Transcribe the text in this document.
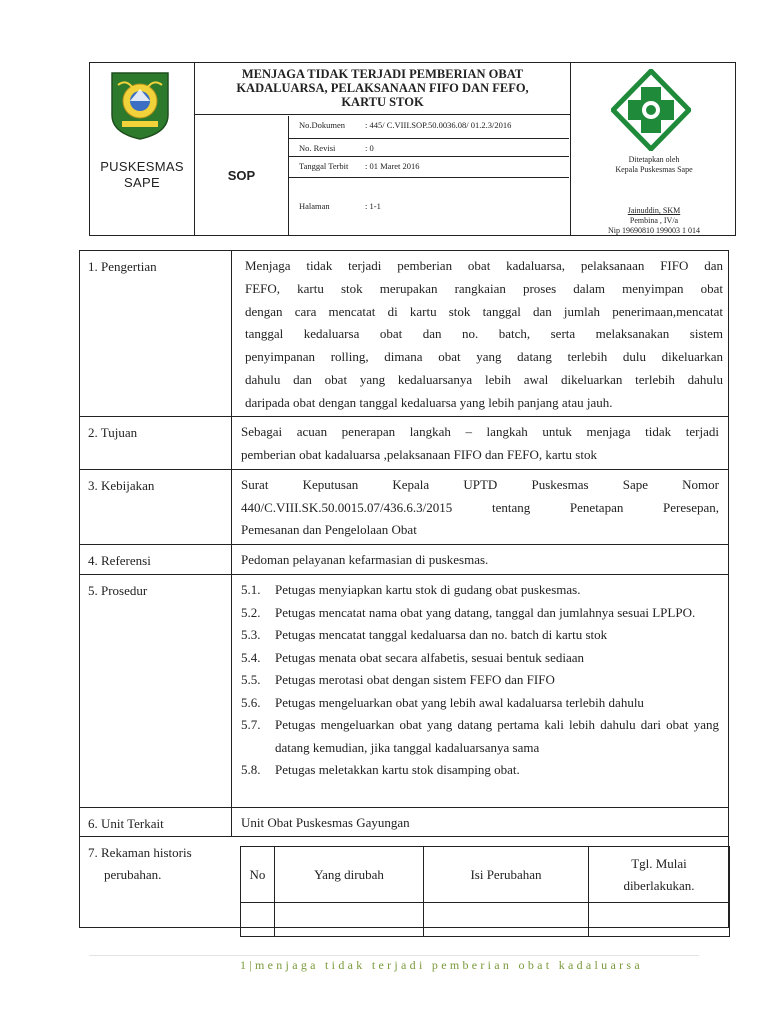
PUSKESMAS
SAPE
MENJAGA TIDAK TERJADI PEMBERIAN OBAT
KADALUARSA, PELAKSANAAN FIFO DAN FEFO,
KARTU STOK
SOP
No.Dokumen : 445/ C.VIII.SOP.50.0036.08/ 01.2.3/2016
No. Revisi	: 0
Tanggal Terbit : 01 Maret 2016
Halaman	: 1-1
Ditetapkan oleh
Kepala Puskesmas Sape
Jainuddin, SKM
Pembina , IV/a
Nip 19690810 199003 1 014
1. Pengertian	Menjaga tidak terjadi pemberian obat kadaluarsa, pelaksanaan FIFO dan
FEFO, kartu stok merupakan rangkaian proses dalam menyimpan obat
dengan cara mencatat di kartu stok tanggal dan jumlah penerimaan,mencatat
tanggal kedaluarsa obat dan no. batch, serta melaksanakan sistem
penyimpanan rolling, dimana obat yang datang terlebih dulu dikeluarkan
dahulu dan obat yang kedaluarsanya lebih awal dikeluarkan terlebih dahulu
daripada obat dengan tanggal kedaluarsa yang lebih panjang atau jauh.
2. Tujuan	Sebagai acuan penerapan langkah – langkah untuk menjaga tidak terjadi
pemberian obat kadaluarsa ,pelaksanaan FIFO dan FEFO, kartu stok
3. Kebijakan	Surat Keputusan Kepala UPTD Puskesmas Sape Nomor
440/C.VIII.SK.50.0015.07/436.6.3/2015 tentang Penetapan Peresepan,
Pemesanan dan Pengelolaan Obat
4. Referensi	Pedoman pelayanan kefarmasian di puskesmas.
5. Prosedur	5.1.	Petugas menyiapkan kartu stok di gudang obat puskesmas.
5.2.	Petugas mencatat nama obat yang datang, tanggal dan jumlahnya sesuai LPLPO.
5.3.	Petugas mencatat tanggal kedaluarsa dan no. batch di kartu stok
5.4.	Petugas menata obat secara alfabetis, sesuai bentuk sediaan
5.5.	Petugas merotasi obat dengan sistem FEFO dan FIFO
5.6.	Petugas mengeluarkan obat yang lebih awal kadaluarsa terlebih dahulu
5.7.	Petugas mengeluarkan obat yang datang pertama kali lebih dahulu dari obat yang datang kemudian, jika tanggal kadaluarsanya sama
5.8.	Petugas meletakkan kartu stok disamping obat.
6. Unit Terkait	Unit Obat Puskesmas Gayungan
7. Rekaman historis
perubahan.	No	Yang dirubah	Isi Perubahan	Tgl. Mulai
diberlakukan.

1|menjaga tidak terjadi pemberian obat kadaluarsa
